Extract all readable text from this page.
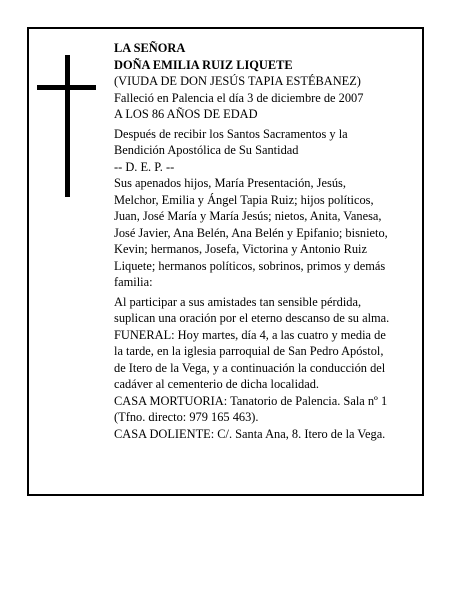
LA SEÑORA
DOÑA EMILIA RUIZ LIQUETE
(VIUDA DE DON JESÚS TAPIA ESTÉBANEZ)
Falleció en Palencia el día 3 de diciembre de 2007
A LOS 86 AÑOS DE EDAD
Después de recibir los Santos Sacramentos y la
Bendición Apostólica de Su Santidad
-- D. E. P. --
Sus apenados hijos, María Presentación, Jesús,
Melchor, Emilia y Ángel Tapia Ruiz; hijos políticos,
Juan, José María y María Jesús; nietos, Anita, Vanesa,
José Javier, Ana Belén, Ana Belén y Epifanio; bisnieto,
Kevin; hermanos, Josefa, Victorina y Antonio Ruiz
Liquete; hermanos políticos, sobrinos, primos y demás
familia:
Al participar a sus amistades tan sensible pérdida,
suplican una oración por el eterno descanso de su alma.
FUNERAL: Hoy martes, día 4, a las cuatro y media de
la tarde, en la iglesia parroquial de San Pedro Apóstol,
de Itero de la Vega, y a continuación la conducción del
cadáver al cementerio de dicha localidad.
CASA MORTUORIA: Tanatorio de Palencia. Sala nº 1
(Tfno. directo: 979 165 463).
CASA DOLIENTE: C/. Santa Ana, 8. Itero de la Vega.
